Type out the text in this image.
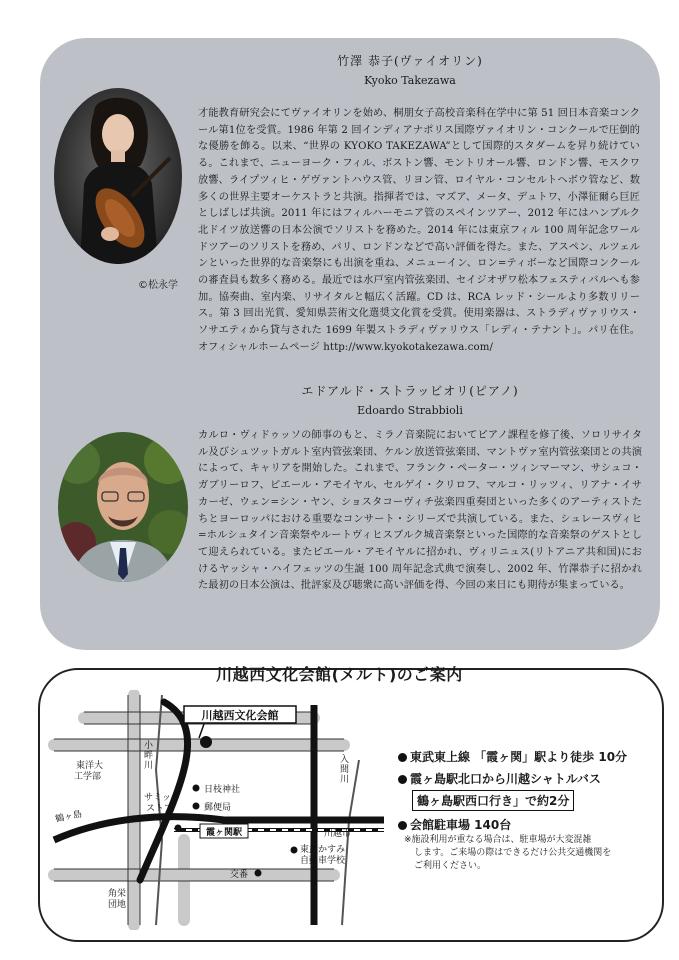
©松永学
竹澤 恭子(ヴァイオリン)
Kyoko Takezawa
才能教育研究会にてヴァイオリンを始め、桐朋女子高校音楽科在学中に第 51 回日本音楽コンクール第1位を受賞。1986 年第 2 回インディアナポリス国際ヴァイオリン・コンクールで圧倒的な優勝を飾る。以来、“世界の KYOKO TAKEZAWA”として国際的スタダームを昇り続けている。これまで、ニューヨーク・フィル、ボストン響、モントリオール響、ロンドン響、モスクワ放響、ライプツィヒ・ゲヴァントハウス管、リヨン管、ロイヤル・コンセルトヘボウ管など、数多くの世界主要オーケストラと共演。指揮者では、マズア、メータ、デュトワ、小澤征爾ら巨匠としばしば共演。2011 年にはフィルハーモニア管のスペインツアー、2012 年にはハンブルク北ドイツ放送響の日本公演でソリストを務めた。2014 年には東京フィル 100 周年記念ワールドツアーのソリストを務め、パリ、ロンドンなどで高い評価を得た。また、アスペン、ルツェルンといった世界的な音楽祭にも出演を重ね、メニューイン、ロン=ティボーなど国際コンクールの審査員も数多く務める。最近では水戸室内管弦楽団、セイジオザワ松本フェスティバルへも参加。協奏曲、室内楽、リサイタルと幅広く活躍。CD は、RCA レッド・シールより多数リリース。第 3 回出光賞、愛知県芸術文化選奨文化賞を受賞。使用楽器は、ストラディヴァリウス・ソサエティから貸与された 1699 年製ストラディヴァリウス「レディ・テナント」。パリ在住。 オフィシャルホームページ http://www.kyokotakezawa.com/
エドアルド・ストラッビオリ(ピアノ)
Edoardo Strabbioli
カルロ・ヴィドゥッソの師事のもと、ミラノ音楽院においてピアノ課程を修了後、ソロリサイタル及びシュツットガルト室内管弦楽団、ケルン放送管弦楽団、マントヴァ室内管弦楽団との共演によって、キャリアを開始した。これまで、フランク・ペーター・ツィンマーマン、サシュコ・ガブリーロフ、ピエール・アモイヤル、セルゲイ・クリロフ、マルコ・リッツィ、リアナ・イサカーゼ、ウェン=シン・ヤン、ショスタコーヴィチ弦楽四重奏団といった多くのアーティストたちとヨーロッパにおける重要なコンサート・シリーズで共演している。また、シュレースヴィヒ=ホルシュタイン音楽祭やルートヴィヒスブルク城音楽祭といった国際的な音楽祭のゲストとして迎えられている。またピエール・アモイヤルに招かれ、ヴィリニュス(リトアニア共和国)におけるヤッシャ・ハイフェッツの生誕 100 周年記念式典で演奏し、2002 年、竹澤恭子に招かれた最初の日本公演は、批評家及び聴衆に高い評価を得、今回の来日にも期待が集まっている。
川越西文化会館(メルト)のご案内
川越西文化会館
東洋大工学部
小畔川
入間川
日枝神社
郵便局
サミットストア
霞ヶ関駅
鶴ヶ島
川越市
交番
東武かすみ自動車学校
角栄団地
東武東上線 「霞ヶ関」駅より徒歩 10分
霞ヶ島駅北口から川越シャトルバス
鶴ヶ島駅西口行き」で約2分
会館駐車場 140台
※施設利用が重なる場合は、駐車場が大変混雑
します。ご来場の際はできるだけ公共交通機関を
ご利用ください。
